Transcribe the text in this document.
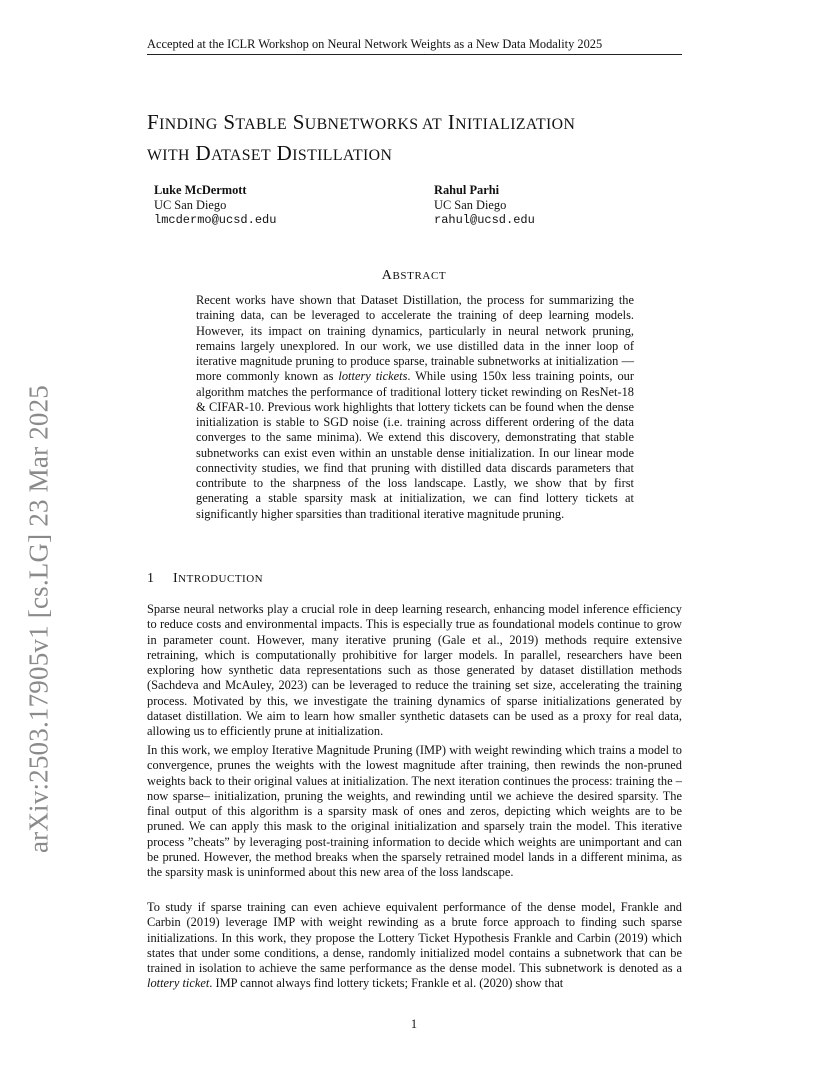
Accepted at the ICLR Workshop on Neural Network Weights as a New Data Modality 2025
arXiv:2503.17905v1 [cs.LG] 23 Mar 2025
FINDING STABLE SUBNETWORKS AT INITIALIZATION
WITH DATASET DISTILLATION
Luke McDermott
UC San Diego
lmcdermo@ucsd.edu
Rahul Parhi
UC San Diego
rahul@ucsd.edu
ABSTRACT
Recent works have shown that Dataset Distillation, the process for summarizing the training data, can be leveraged to accelerate the training of deep learning models. However, its impact on training dynamics, particularly in neural network pruning, remains largely unexplored. In our work, we use distilled data in the inner loop of iterative magnitude pruning to produce sparse, trainable subnetworks at initialization — more commonly known as lottery tickets. While using 150x less training points, our algorithm matches the performance of traditional lottery ticket rewinding on ResNet-18 & CIFAR-10. Previous work highlights that lottery tickets can be found when the dense initialization is stable to SGD noise (i.e. training across different ordering of the data converges to the same minima). We extend this discovery, demonstrating that stable subnetworks can exist even within an unstable dense initialization. In our linear mode connectivity studies, we find that pruning with distilled data discards parameters that contribute to the sharpness of the loss landscape. Lastly, we show that by first generating a stable sparsity mask at initialization, we can find lottery tickets at significantly higher sparsities than traditional iterative magnitude pruning.
1 INTRODUCTION

Sparse neural networks play a crucial role in deep learning research, enhancing model inference efficiency to reduce costs and environmental impacts. This is especially true as foundational models continue to grow in parameter count. However, many iterative pruning (Gale et al., 2019) methods require extensive retraining, which is computationally prohibitive for larger models. In parallel, researchers have been exploring how synthetic data representations such as those generated by dataset distillation methods (Sachdeva and McAuley, 2023) can be leveraged to reduce the training set size, accelerating the training process. Motivated by this, we investigate the training dynamics of sparse initializations generated by dataset distillation. We aim to learn how smaller synthetic datasets can be used as a proxy for real data, allowing us to efficiently prune at initialization.

In this work, we employ Iterative Magnitude Pruning (IMP) with weight rewinding which trains a model to convergence, prunes the weights with the lowest magnitude after training, then rewinds the non-pruned weights back to their original values at initialization. The next iteration continues the process: training the –now sparse– initialization, pruning the weights, and rewinding until we achieve the desired sparsity. The final output of this algorithm is a sparsity mask of ones and zeros, depicting which weights are to be pruned. We can apply this mask to the original initialization and sparsely train the model. This iterative process ”cheats” by leveraging post-training information to decide which weights are unimportant and can be pruned. However, the method breaks when the sparsely retrained model lands in a different minima, as the sparsity mask is uninformed about this new area of the loss landscape.

To study if sparse training can even achieve equivalent performance of the dense model, Frankle and Carbin (2019) leverage IMP with weight rewinding as a brute force approach to finding such sparse initializations. In this work, they propose the Lottery Ticket Hypothesis Frankle and Carbin (2019) which states that under some conditions, a dense, randomly initialized model contains a subnetwork that can be trained in isolation to achieve the same performance as the dense model. This subnetwork is denoted as a lottery ticket. IMP cannot always find lottery tickets; Frankle et al. (2020) show that

1
